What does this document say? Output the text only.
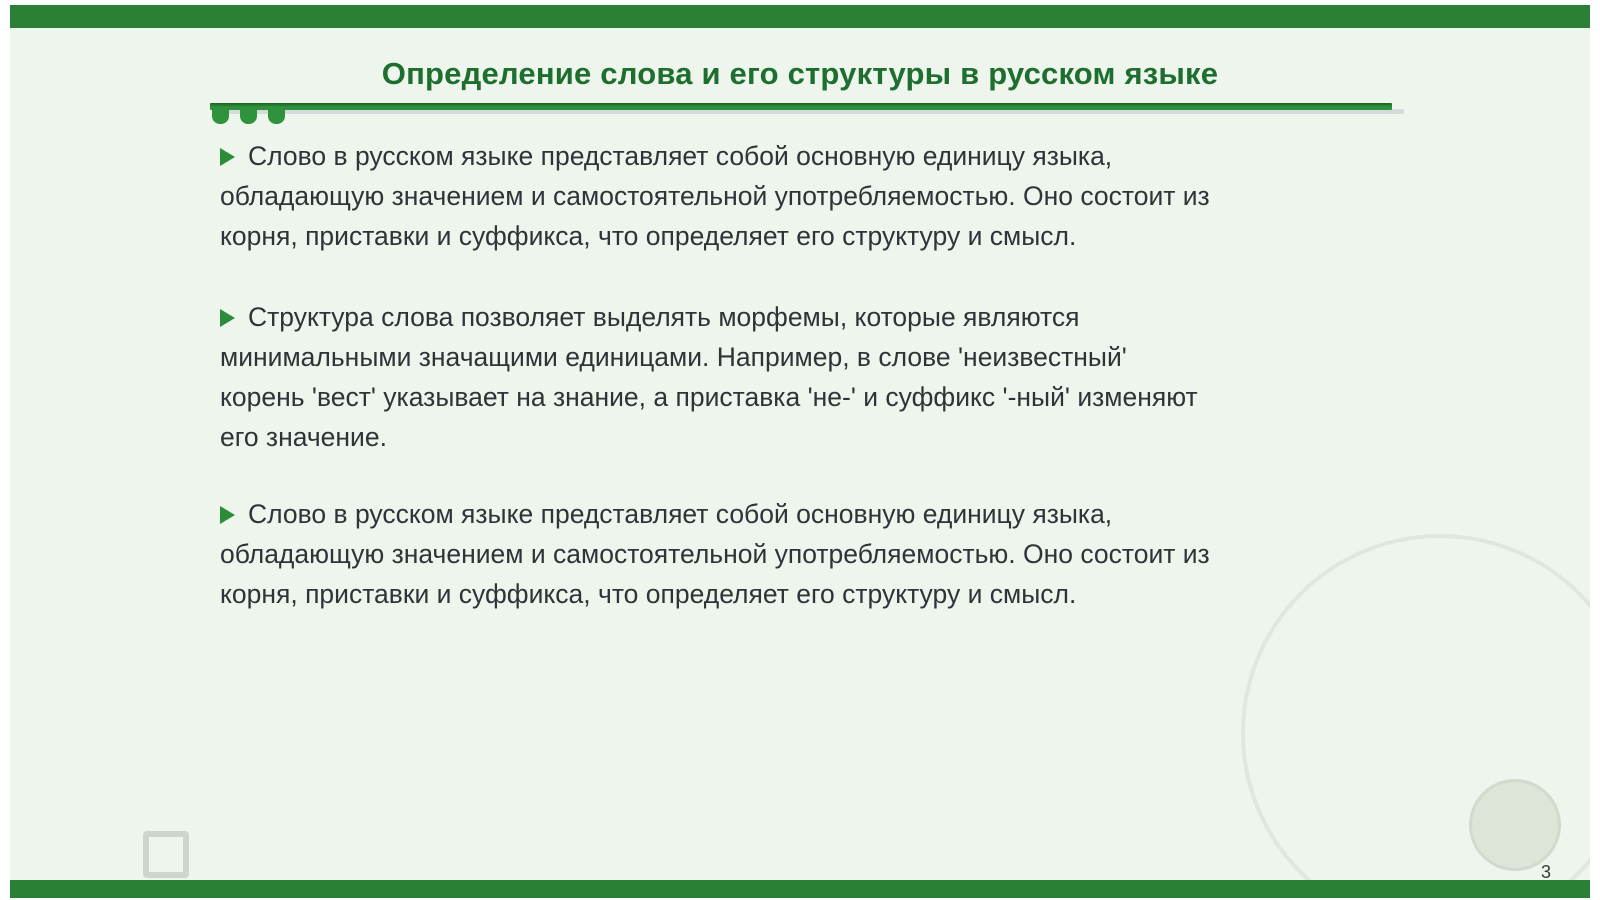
Определение слова и его структуры в русском языке
Слово в русском языке представляет собой основную единицу языка,
обладающую значением и самостоятельной употребляемостью. Оно состоит из
корня, приставки и суффикса, что определяет его структуру и смысл.
Структура слова позволяет выделять морфемы, которые являются
минимальными значащими единицами. Например, в слове 'неизвестный'
корень 'вест' указывает на знание, а приставка 'не-' и суффикс '-ный' изменяют
его значение.
Слово в русском языке представляет собой основную единицу языка,
обладающую значением и самостоятельной употребляемостью. Оно состоит из
корня, приставки и суффикса, что определяет его структуру и смысл.
3
